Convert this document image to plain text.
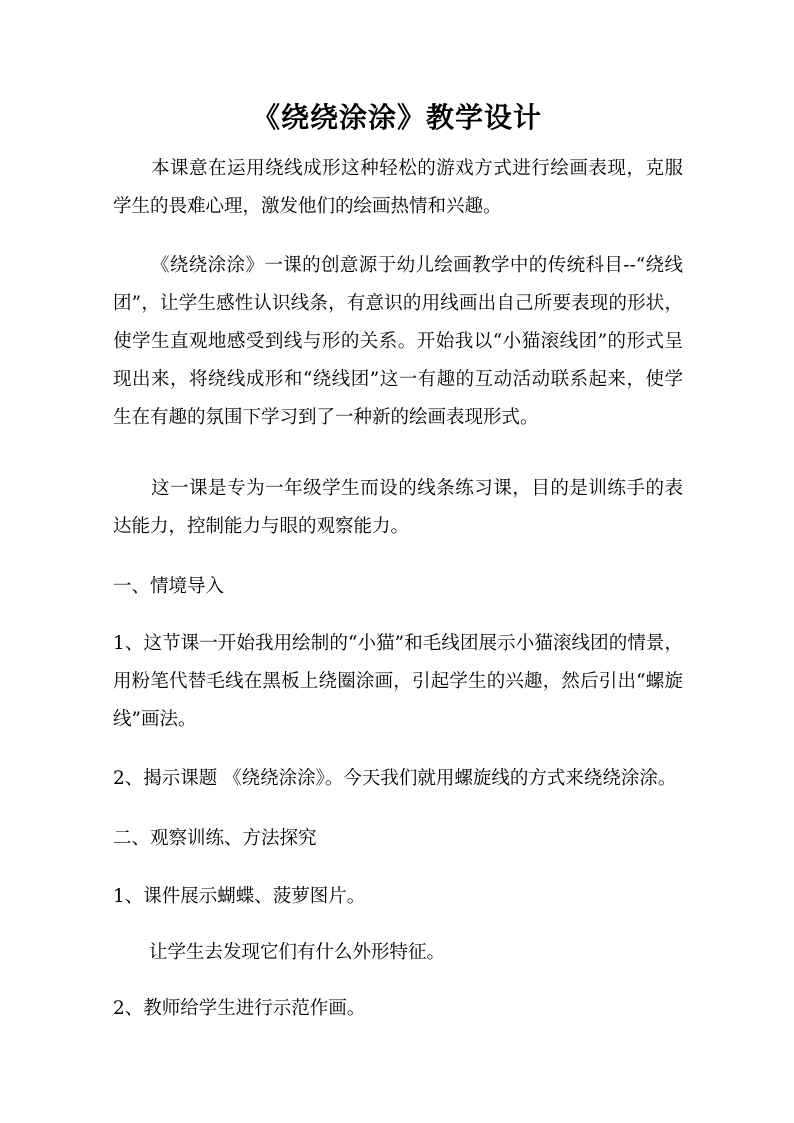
《绕绕涂涂》教学设计
本课意在运用绕线成形这种轻松的游戏方式进行绘画表现，克服学生的畏难心理，激发他们的绘画热情和兴趣。
《绕绕涂涂》一课的创意源于幼儿绘画教学中的传统科目--“绕线团”，让学生感性认识线条，有意识的用线画出自己所要表现的形状，使学生直观地感受到线与形的关系。开始我以“小猫滚线团”的形式呈现出来，将绕线成形和“绕线团”这一有趣的互动活动联系起来，使学生在有趣的氛围下学习到了一种新的绘画表现形式。
这一课是专为一年级学生而设的线条练习课，目的是训练手的表达能力，控制能力与眼的观察能力。
一、情境导入
1、这节课一开始我用绘制的“小猫”和毛线团展示小猫滚线团的情景，用粉笔代替毛线在黑板上绕圈涂画，引起学生的兴趣，然后引出“螺旋线”画法。
2、揭示课题 《绕绕涂涂》。今天我们就用螺旋线的方式来绕绕涂涂。
二、观察训练、方法探究
1、课件展示蝴蝶、菠萝图片。
让学生去发现它们有什么外形特征。
2、教师给学生进行示范作画。
